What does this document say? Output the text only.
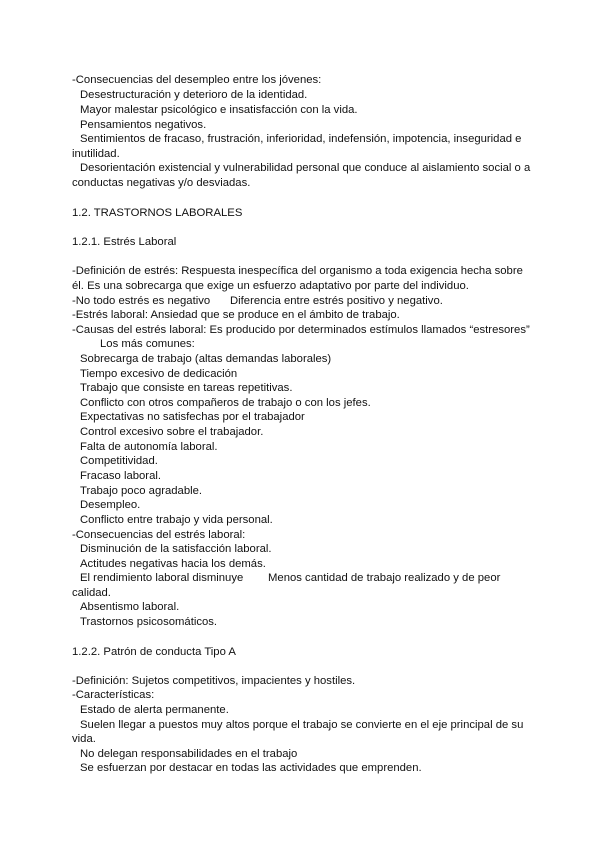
-Consecuencias del desempleo entre los jóvenes:
Desestructuración y deterioro de la identidad.
Mayor malestar psicológico e insatisfacción con la vida.
Pensamientos negativos.
Sentimientos de fracaso, frustración, inferioridad, indefensión, impotencia, inseguridad e
inutilidad.
Desorientación existencial y vulnerabilidad personal que conduce al aislamiento social o a
conductas negativas y/o desviadas.
1.2. TRASTORNOS LABORALES
1.2.1. Estrés Laboral
-Definición de estrés: Respuesta inespecífica del organismo a toda exigencia hecha sobre
él. Es una sobrecarga que exige un esfuerzo adaptativo por parte del individuo.
-No todo estrés es negativo Diferencia entre estrés positivo y negativo.
-Estrés laboral: Ansiedad que se produce en el ámbito de trabajo.
-Causas del estrés laboral: Es producido por determinados estímulos llamados “estresores”
Los más comunes:
Sobrecarga de trabajo (altas demandas laborales)
Tiempo excesivo de dedicación
Trabajo que consiste en tareas repetitivas.
Conflicto con otros compañeros de trabajo o con los jefes.
Expectativas no satisfechas por el trabajador
Control excesivo sobre el trabajador.
Falta de autonomía laboral.
Competitividad.
Fracaso laboral.
Trabajo poco agradable.
Desempleo.
Conflicto entre trabajo y vida personal.
-Consecuencias del estrés laboral:
Disminución de la satisfacción laboral.
Actitudes negativas hacia los demás.
El rendimiento laboral disminuye Menos cantidad de trabajo realizado y de peor
calidad.
Absentismo laboral.
Trastornos psicosomáticos.
1.2.2. Patrón de conducta Tipo A
-Definición: Sujetos competitivos, impacientes y hostiles.
-Características:
Estado de alerta permanente.
Suelen llegar a puestos muy altos porque el trabajo se convierte en el eje principal de su
vida.
No delegan responsabilidades en el trabajo
Se esfuerzan por destacar en todas las actividades que emprenden.
